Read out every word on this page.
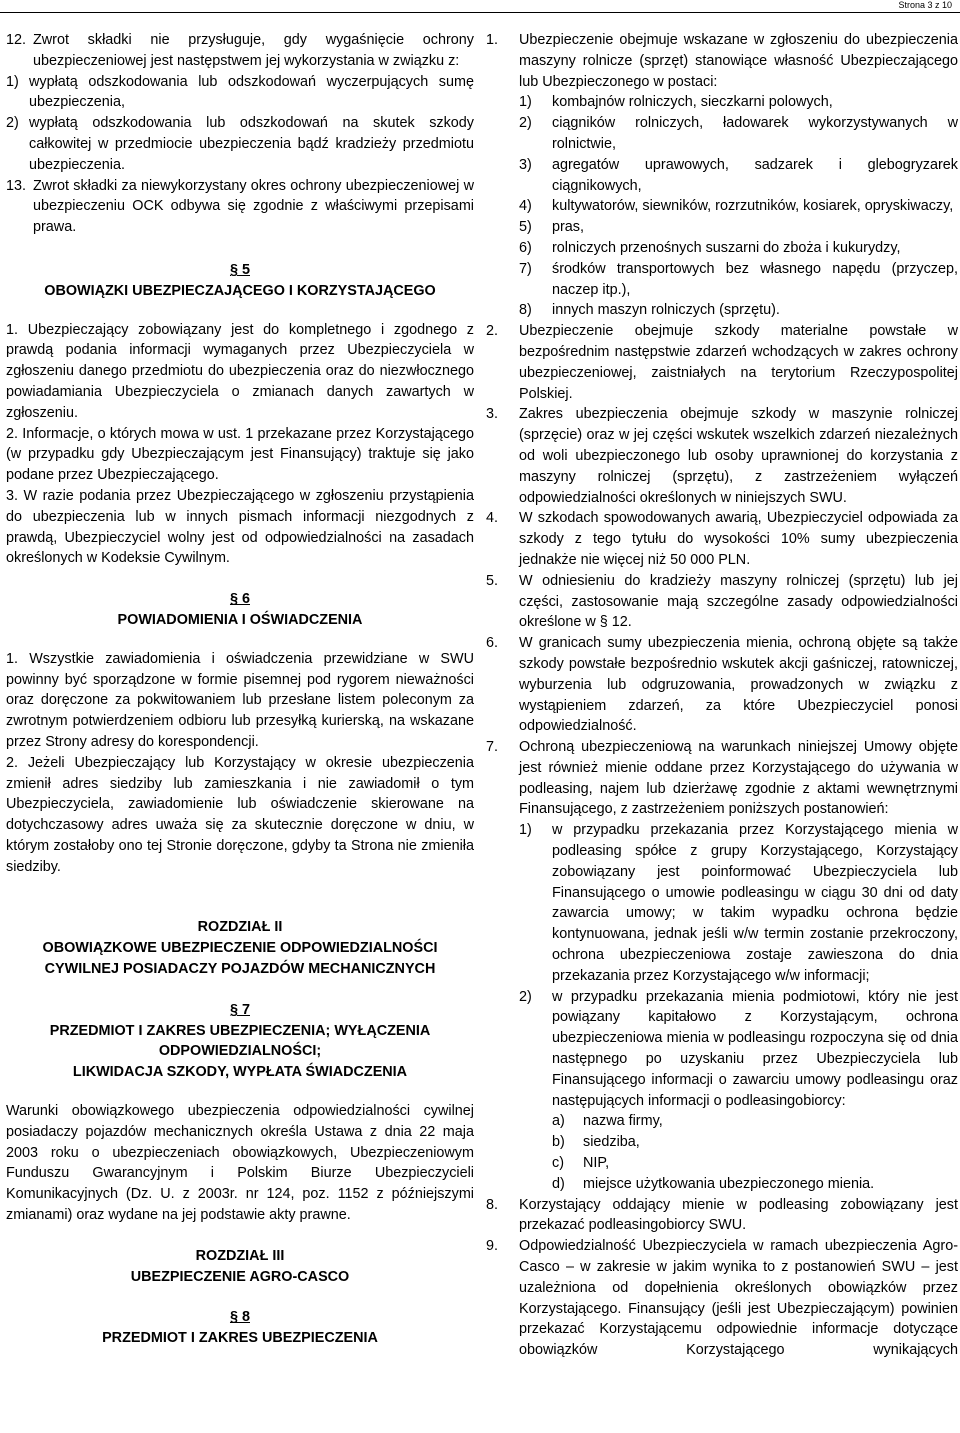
Strona 3 z 10
12. Zwrot składki nie przysługuje, gdy wygaśnięcie ochrony ubezpieczeniowej jest następstwem jej wykorzystania w związku z:
1) wypłatą odszkodowania lub odszkodowań wyczerpujących sumę ubezpieczenia,
2) wypłatą odszkodowania lub odszkodowań na skutek szkody całkowitej w przedmiocie ubezpieczenia bądź kradzieży przedmiotu ubezpieczenia.
13. Zwrot składki za niewykorzystany okres ochrony ubezpieczeniowej w ubezpieczeniu OCK odbywa się zgodnie z właściwymi przepisami prawa.

§ 5

OBOWIĄZKI UBEZPIECZAJĄCEGO I KORZYSTAJĄCEGO

1. Ubezpieczający zobowiązany jest do kompletnego i zgodnego z prawdą podania informacji wymaganych przez Ubezpieczyciela w zgłoszeniu danego przedmiotu do ubezpieczenia oraz do niezwłocznego powiadamiania Ubezpieczyciela o zmianach danych zawartych w zgłoszeniu.

2. Informacje, o których mowa w ust. 1 przekazane przez Korzystającego (w przypadku gdy Ubezpieczającym jest Finansujący) traktuje się jako podane przez Ubezpieczającego.

3. W razie podania przez Ubezpieczającego w zgłoszeniu przystąpienia do ubezpieczenia lub w innych pismach informacji niezgodnych z prawdą, Ubezpieczyciel wolny jest od odpowiedzialności na zasadach określonych w Kodeksie Cywilnym.

§ 6

POWIADOMIENIA I OŚWIADCZENIA

1. Wszystkie zawiadomienia i oświadczenia przewidziane w SWU powinny być sporządzone w formie pisemnej pod rygorem nieważności oraz doręczone za pokwitowaniem lub przesłane listem poleconym za zwrotnym potwierdzeniem odbioru lub przesyłką kurierską, na wskazane przez Strony adresy do korespondencji.

2. Jeżeli Ubezpieczający lub Korzystający w okresie ubezpieczenia zmienił adres siedziby lub zamieszkania i nie zawiadomił o tym Ubezpieczyciela, zawiadomienie lub oświadczenie skierowane na dotychczasowy adres uważa się za skutecznie doręczone w dniu, w którym zostałoby ono tej Stronie doręczone, gdyby ta Strona nie zmieniła siedziby.

ROZDZIAŁ II

OBOWIĄZKOWE UBEZPIECZENIE ODPOWIEDZIALNOŚCI

CYWILNEJ POSIADACZY POJAZDÓW MECHANICZNYCH

§ 7

PRZEDMIOT I ZAKRES UBEZPIECZENIA; WYŁĄCZENIA

ODPOWIEDZIALNOŚCI;

LIKWIDACJA SZKODY, WYPŁATA ŚWIADCZENIA

Warunki obowiązkowego ubezpieczenia odpowiedzialności cywilnej posiadaczy pojazdów mechanicznych określa Ustawa z dnia 22 maja 2003 roku o ubezpieczeniach obowiązkowych, Ubezpieczeniowym Funduszu Gwarancyjnym i Polskim Biurze Ubezpieczycieli Komunikacyjnych (Dz. U. z 2003r. nr 124, poz. 1152 z późniejszymi zmianami) oraz wydane na jej podstawie akty prawne.

ROZDZIAŁ III

UBEZPIECZENIE AGRO-CASCO

§ 8

PRZEDMIOT I ZAKRES UBEZPIECZENIA

1.	Ubezpieczenie obejmuje wskazane w zgłoszeniu do ubezpieczenia maszyny rolnicze (sprzęt) stanowiące własność Ubezpieczającego lub Ubezpieczonego w postaci:
1)	kombajnów rolniczych, sieczkarni polowych,
2)	ciągników rolniczych, ładowarek wykorzystywanych w rolnictwie,
3)	agregatów uprawowych, sadzarek i glebogryzarek ciągnikowych,
4)	kultywatorów, siewników, rozrzutników, kosiarek, opryskiwaczy,
5)	pras,
6)	rolniczych przenośnych suszarni do zboża i kukurydzy,
7)	środków transportowych bez własnego napędu (przyczep, naczep itp.),
8)	innych maszyn rolniczych (sprzętu).
2.	Ubezpieczenie obejmuje szkody materialne powstałe w bezpośrednim następstwie zdarzeń wchodzących w zakres ochrony ubezpieczeniowej, zaistniałych na terytorium Rzeczypospolitej Polskiej.
3.	Zakres ubezpieczenia obejmuje szkody w maszynie rolniczej (sprzęcie) oraz w jej części wskutek wszelkich zdarzeń niezależnych od woli ubezpieczonego lub osoby uprawnionej do korzystania z maszyny rolniczej (sprzętu), z zastrzeżeniem wyłączeń odpowiedzialności określonych w niniejszych SWU.
4.	W szkodach spowodowanych awarią, Ubezpieczyciel odpowiada za szkody z tego tytułu do wysokości 10% sumy ubezpieczenia jednakże nie więcej niż 50 000 PLN.
5.	W odniesieniu do kradzieży maszyny rolniczej (sprzętu) lub jej części, zastosowanie mają szczególne zasady odpowiedzialności określone w § 12.
6.	W granicach sumy ubezpieczenia mienia, ochroną objęte są także szkody powstałe bezpośrednio wskutek akcji gaśniczej, ratowniczej, wyburzenia lub odgruzowania, prowadzonych w związku z wystąpieniem zdarzeń, za które Ubezpieczyciel ponosi odpowiedzialność.
7.	Ochroną ubezpieczeniową na warunkach niniejszej Umowy objęte jest również mienie oddane przez Korzystającego do używania w podleasing, najem lub dzierżawę zgodnie z aktami wewnętrznymi Finansującego, z zastrzeżeniem poniższych postanowień:
1)	w przypadku przekazania przez Korzystającego mienia w podleasing spółce z grupy Korzystającego, Korzystający zobowiązany jest poinformować Ubezpieczyciela lub Finansującego o umowie podleasingu w ciągu 30 dni od daty zawarcia umowy; w takim wypadku ochrona będzie kontynuowana, jednak jeśli w/w termin zostanie przekroczony, ochrona ubezpieczeniowa zostaje zawieszona do dnia przekazania przez Korzystającego w/w informacji;
2)	w przypadku przekazania mienia podmiotowi, który nie jest powiązany kapitałowo z Korzystającym, ochrona ubezpieczeniowa mienia w podleasingu rozpoczyna się od dnia następnego po uzyskaniu przez Ubezpieczyciela lub Finansującego informacji o zawarciu umowy podleasingu oraz następujących informacji o podleasingobiorcy:
a)	nazwa firmy,
b)	siedziba,
c)	NIP,
d)	miejsce użytkowania ubezpieczonego mienia.
8.	Korzystający oddający mienie w podleasing zobowiązany jest przekazać podleasingobiorcy SWU.
9.	Odpowiedzialność Ubezpieczyciela w ramach ubezpieczenia Agro-Casco – w zakresie w jakim wynika to z postanowień SWU – jest uzależniona od dopełnienia określonych obowiązków przez Korzystającego. Finansujący (jeśli jest Ubezpieczającym) powinien przekazać Korzystającemu odpowiednie informacje dotyczące obowiązków Korzystającego wynikających
